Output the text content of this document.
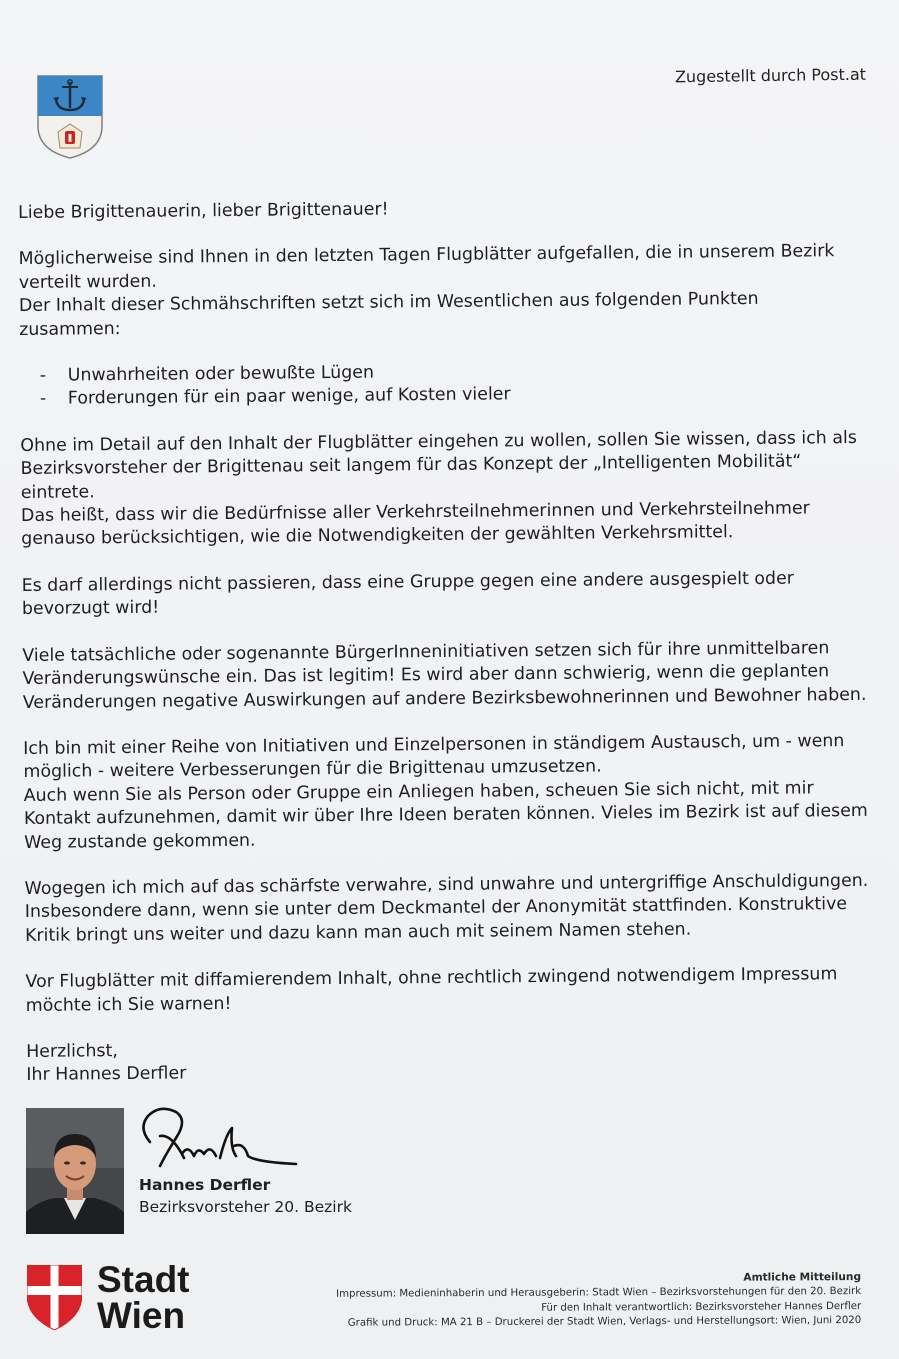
Zugestellt durch Post.at

Liebe Brigittenauerin, lieber Brigittenauer!

Möglicherweise sind Ihnen in den letzten Tagen Flugblätter aufgefallen, die in unserem Bezirk
verteilt wurden.
Der Inhalt dieser Schmähschriften setzt sich im Wesentlichen aus folgenden Punkten zusammen:
- Unwahrheiten oder bewußte Lügen
- Forderungen für ein paar wenige, auf Kosten vieler

Ohne im Detail auf den Inhalt der Flugblätter eingehen zu wollen, sollen Sie wissen, dass ich als Bezirksvorsteher der Brigittenau seit langem für das Konzept der „Intelligenten Mobilität“ eintrete.

Das heißt, dass wir die Bedürfnisse aller Verkehrsteilnehmerinnen und Verkehrsteilnehmer genauso berücksichtigen, wie die Notwendigkeiten der gewählten Verkehrsmittel.

Es darf allerdings nicht passieren, dass eine Gruppe gegen eine andere ausgespielt oder bevorzugt wird!

Viele tatsächliche oder sogenannte BürgerInneninitiativen setzen sich für ihre unmittelbaren Veränderungswünsche ein. Das ist legitim! Es wird aber dann schwierig, wenn die geplanten Veränderungen negative Auswirkungen auf andere Bezirksbewohnerinnen und Bewohner haben.

Ich bin mit einer Reihe von Initiativen und Einzelpersonen in ständigem Austausch, um - wenn möglich - weitere Verbesserungen für die Brigittenau umzusetzen.

Auch wenn Sie als Person oder Gruppe ein Anliegen haben, scheuen Sie sich nicht, mit mir Kontakt aufzunehmen, damit wir über Ihre Ideen beraten können. Vieles im Bezirk ist auf diesem Weg zustande gekommen.

Wogegen ich mich auf das schärfste verwahre, sind unwahre und untergriffige Anschuldigungen. Insbesondere dann, wenn sie unter dem Deckmantel der Anonymität stattfinden. Konstruktive Kritik bringt uns weiter und dazu kann man auch mit seinem Namen stehen.

Vor Flugblätter mit diffamierendem Inhalt, ohne rechtlich zwingend notwendigem Impressum möchte ich Sie warnen!

Herzlichst,
Ihr Hannes Derfler
Hannes Derfler
Bezirksvorsteher 20. Bezirk
Stadt
Wien
Amtliche Mitteilung
Impressum: Medieninhaberin und Herausgeberin: Stadt Wien – Bezirksvorstehungen für den 20. Bezirk
Für den Inhalt verantwortlich: Bezirksvorsteher Hannes Derfler
Grafik und Druck: MA 21 B – Druckerei der Stadt Wien, Verlags- und Herstellungsort: Wien, Juni 2020
